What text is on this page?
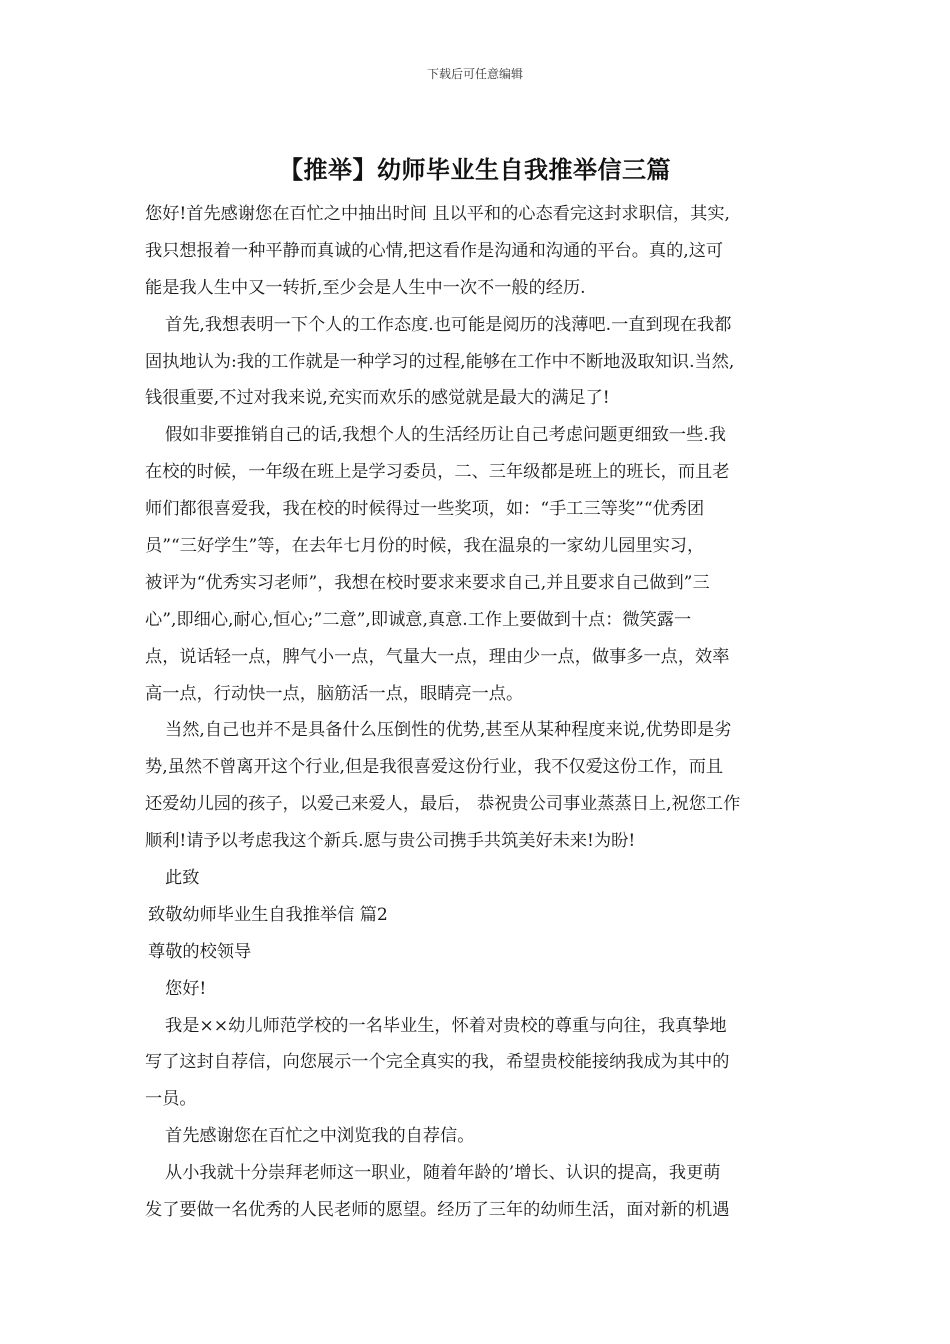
下载后可任意编辑
【推举】幼师毕业生自我推举信三篇
您好!首先感谢您在百忙之中抽出时间 且以平和的心态看完这封求职信，其实,
我只想报着一种平静而真诚的心情,把这看作是沟通和沟通的平台。真的,这可
能是我人生中又一转折,至少会是人生中一次不一般的经历.
首先,我想表明一下个人的工作态度.也可能是阅历的浅薄吧.一直到现在我都
固执地认为:我的工作就是一种学习的过程,能够在工作中不断地汲取知识.当然,
钱很重要,不过对我来说,充实而欢乐的感觉就是最大的满足了!
假如非要推销自己的话,我想个人的生活经历让自己考虑问题更细致一些.我
在校的时候，一年级在班上是学习委员，二、三年级都是班上的班长，而且老
师们都很喜爱我，我在校的时候得过一些奖项，如：“手工三等奖”“优秀团
员”“三好学生”等，在去年七月份的时候，我在温泉的一家幼儿园里实习，
被评为“优秀实习老师”，我想在校时要求来要求自己,并且要求自己做到”三
心”,即细心,耐心,恒心;”二意”,即诚意,真意.工作上要做到十点：微笑露一
点，说话轻一点，脾气小一点，气量大一点，理由少一点，做事多一点，效率
高一点，行动快一点，脑筋活一点，眼睛亮一点。
当然,自己也并不是具备什么压倒性的优势,甚至从某种程度来说,优势即是劣
势,虽然不曾离开这个行业,但是我很喜爱这份行业，我不仅爱这份工作，而且
还爱幼儿园的孩子，以爱己来爱人，最后， 恭祝贵公司事业蒸蒸日上,祝您工作
顺利!请予以考虑我这个新兵.愿与贵公司携手共筑美好未来!为盼!
此致
致敬幼师毕业生自我推举信 篇2
尊敬的校领导
您好!
我是××幼儿师范学校的一名毕业生，怀着对贵校的尊重与向往，我真挚地
写了这封自荐信，向您展示一个完全真实的我，希望贵校能接纳我成为其中的
一员。
首先感谢您在百忙之中浏览我的自荐信。
从小我就十分崇拜老师这一职业，随着年龄的’增长、认识的提高，我更萌
发了要做一名优秀的人民老师的愿望。经历了三年的幼师生活，面对新的机遇
